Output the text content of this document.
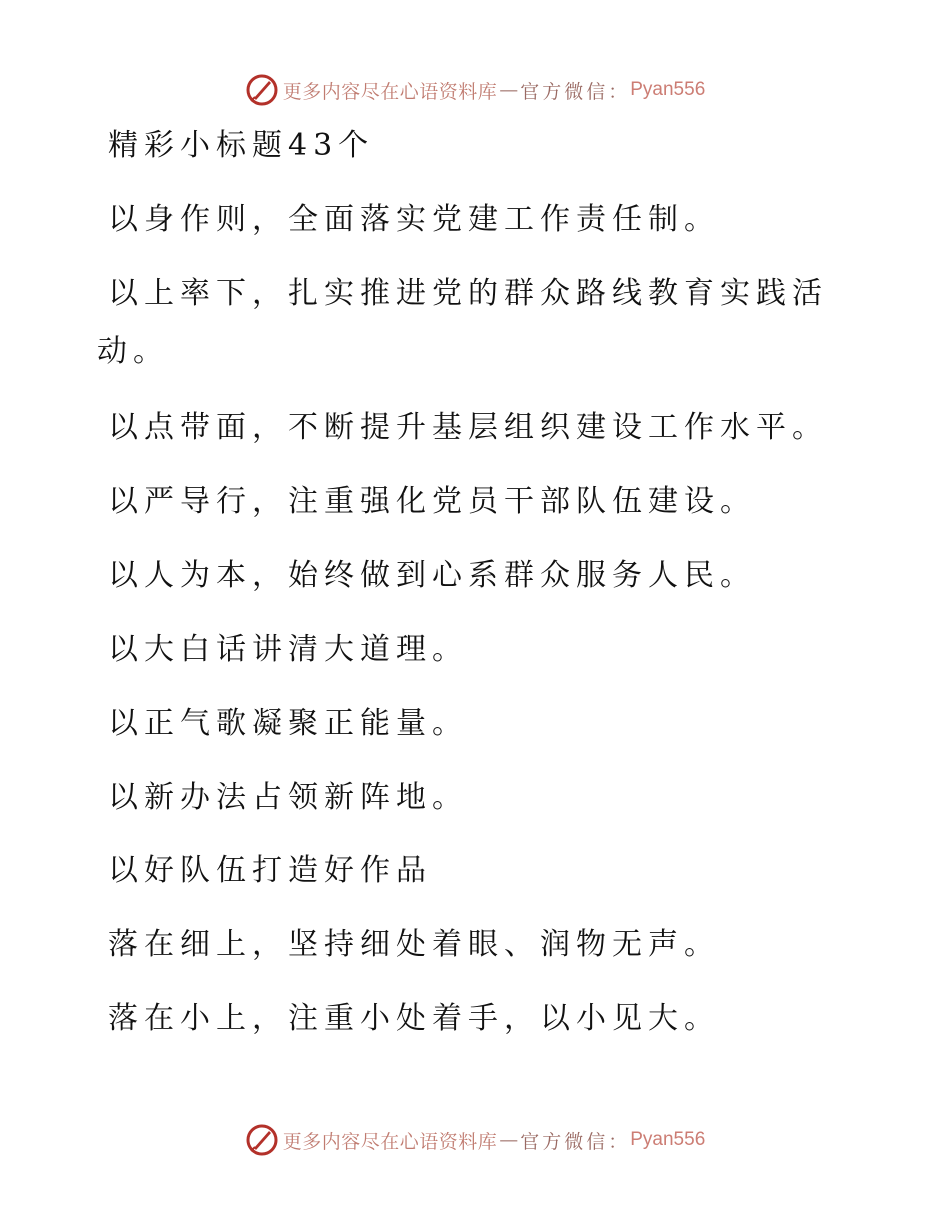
更多内容尽在心语资料库 — 官方微信： Pyan556
精彩小标题43个
以身作则，全面落实党建工作责任制。
以上率下，扎实推进党的群众路线教育实践活
动。
以点带面，不断提升基层组织建设工作水平。
以严导行，注重强化党员干部队伍建设。
以人为本，始终做到心系群众服务人民。
以大白话讲清大道理。
以正气歌凝聚正能量。
以新办法占领新阵地。
以好队伍打造好作品
落在细上，坚持细处着眼、润物无声。
落在小上，注重小处着手，以小见大。
更多内容尽在心语资料库 — 官方微信： Pyan556
